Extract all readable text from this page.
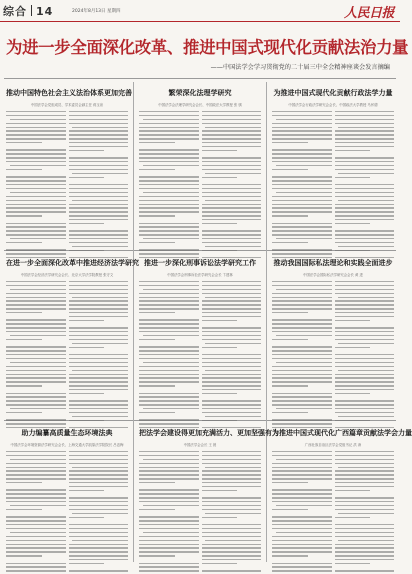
综合 14	2024年8月13日 星期四	人民日报
为进一步全面深化改革、推进中国式现代化贡献法治力量
——中国法学会学习贯彻党的二十届三中全会精神座谈会发言摘编
推动中国特色社会主义法治体系更加完善
中国法学会党组成员、学术委员会副主任 蒋玉泉
繁荣深化法理学研究
中国法学会法理学研究会会长、中国政法大学教授 张 骐
为推进中国式现代化贡献行政法学力量
中国法学会行政法学研究会会长、中国政法大学教授 马怀德
在进一步全面深化改革中推进经济法学研究
中国法学会经济法学研究会会长、北京大学法学院教授 张守文
推进一步深化刑事诉讼法学研究工作
中国法学会刑事诉讼法学研究会会长 卞建林
推动我国国际私法理论和实践全面进步
中国法学会国际私法学研究会会长 黄 进
助力编纂高质量生态环境法典
中国法学会环境资源法学研究会会长、上海交通大学凯原法学院院长 吕忠梅
把法学会建设得更加充满活力、更加坚强有力
中国法学会会长 王 晨
为推进中国式现代化广西篇章贡献法学会力量
广西壮族自治区法学会党组书记 洪 涛
